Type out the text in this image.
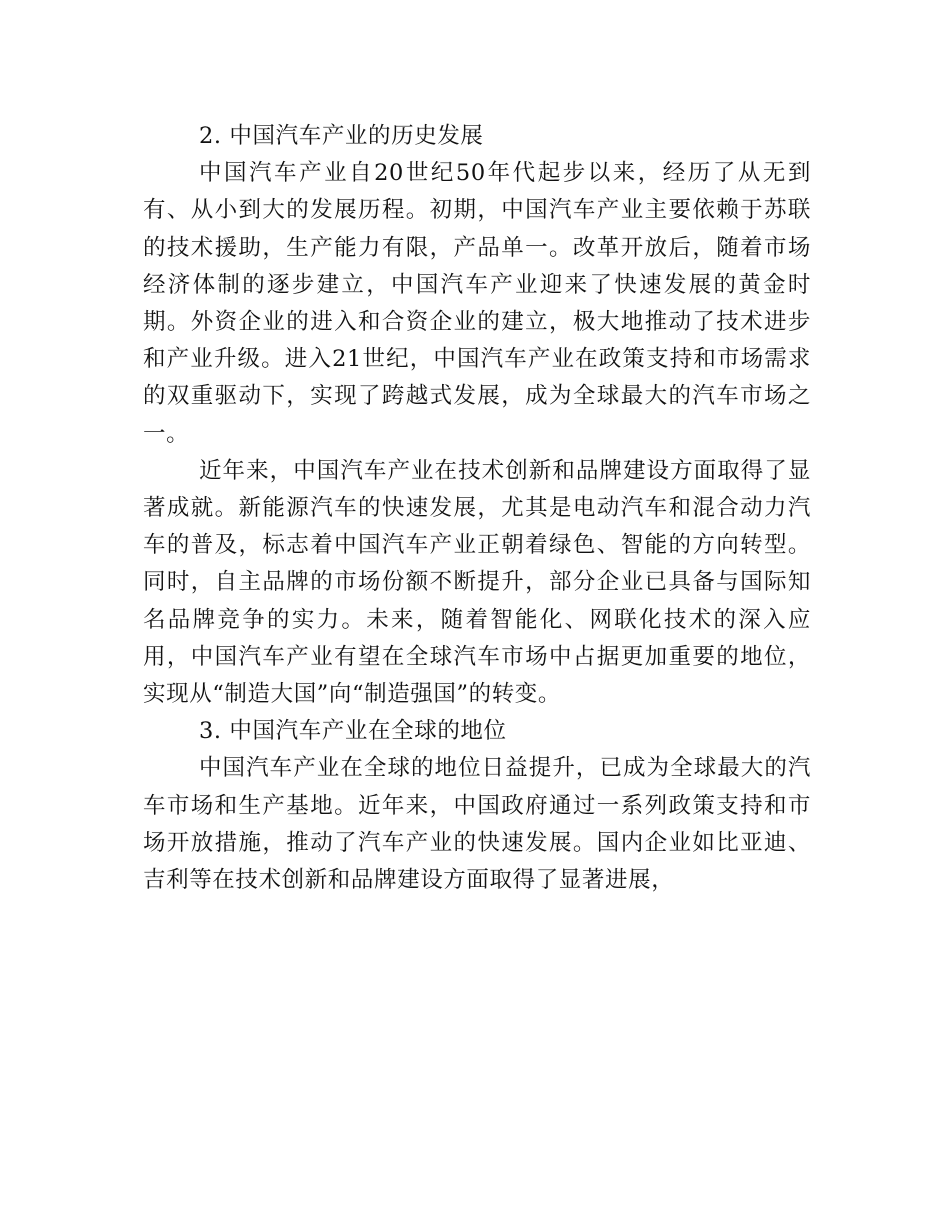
2. 中国汽车产业的历史发展

中国汽车产业自20世纪50年代起步以来，经历了从无到有、从小到大的发展历程。初期，中国汽车产业主要依赖于苏联的技术援助，生产能力有限，产品单一。改革开放后，随着市场经济体制的逐步建立，中国汽车产业迎来了快速发展的黄金时期。外资企业的进入和合资企业的建立，极大地推动了技术进步和产业升级。进入21世纪，中国汽车产业在政策支持和市场需求的双重驱动下，实现了跨越式发展，成为全球最大的汽车市场之一。

近年来，中国汽车产业在技术创新和品牌建设方面取得了显著成就。新能源汽车的快速发展，尤其是电动汽车和混合动力汽车的普及，标志着中国汽车产业正朝着绿色、智能的方向转型。同时，自主品牌的市场份额不断提升，部分企业已具备与国际知名品牌竞争的实力。未来，随着智能化、网联化技术的深入应用，中国汽车产业有望在全球汽车市场中占据更加重要的地位，实现从“制造大国”向“制造强国”的转变。

3. 中国汽车产业在全球的地位

中国汽车产业在全球的地位日益提升，已成为全球最大的汽车市场和生产基地。近年来，中国政府通过一系列政策支持和市场开放措施，推动了汽车产业的快速发展。国内企业如比亚迪、吉利等在技术创新和品牌建设方面取得了显著进展，
